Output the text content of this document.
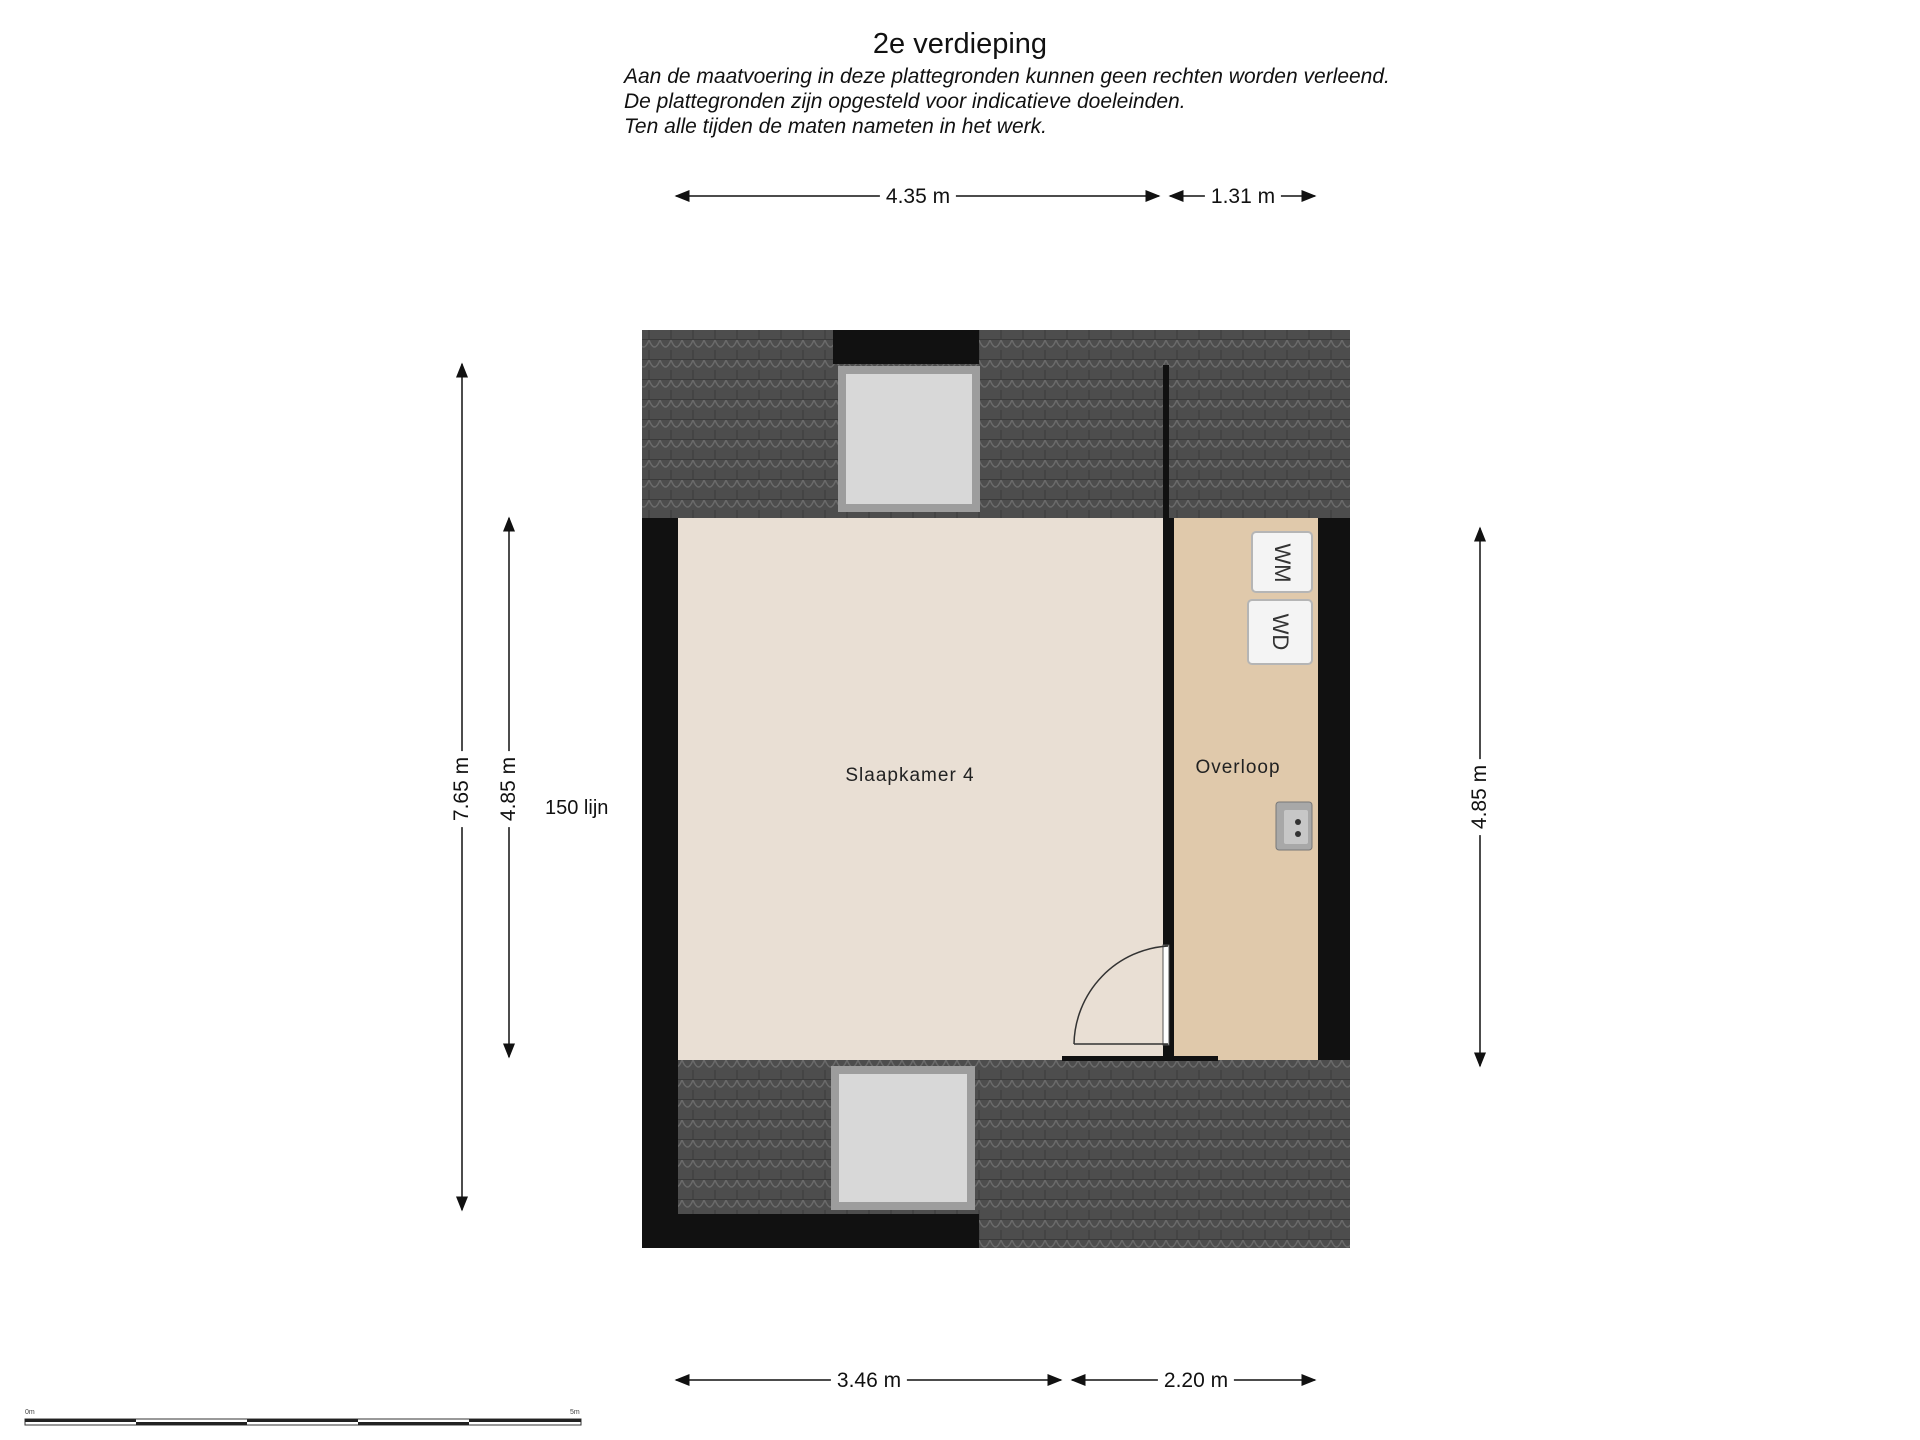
2e verdieping
Aan de maatvoering in deze plattegronden kunnen geen rechten worden verleend.
De plattegronden zijn opgesteld voor indicatieve doeleinden.
Ten alle tijden de maten nameten in het werk.
4.35 m	1.31 m
3.46 m	2.20 m
7.65 m 4.85 m	4.85 m
150 lijn
Slaapkamer 4	Overloop
WM
WD
0m	5m
